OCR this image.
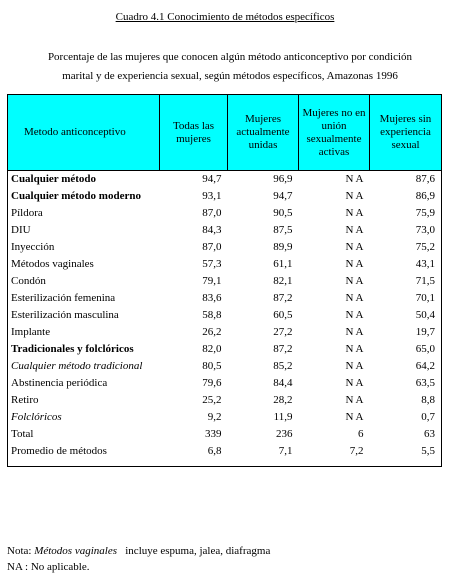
Cuadro 4.1 Conocimiento de métodos específicos
Porcentaje de las mujeres que conocen algún método anticonceptivo por condición
marital y de experiencia sexual, según métodos específicos, Amazonas 1996
Metodo anticonceptivo	Todas las mujeres	Mujeres actualmente unidas	Mujeres no en unión sexualmente activas	Mujeres sin experiencia sexual
Cualquier método	94,7	96,9	N A	87,6
Cualquier método moderno	93,1	94,7	N A	86,9
Píldora	87,0	90,5	N A	75,9
DIU	84,3	87,5	N A	73,0
Inyección	87,0	89,9	N A	75,2
Métodos vaginales	57,3	61,1	N A	43,1
Condón	79,1	82,1	N A	71,5
Esterilización femenina	83,6	87,2	N A	70,1
Esterilización masculina	58,8	60,5	N A	50,4
Implante	26,2	27,2	N A	19,7
Tradicionales y folclóricos	82,0	87,2	N A	65,0
Cualquier método tradicional	80,5	85,2	N A	64,2
Abstinencia periódica	79,6	84,4	N A	63,5
Retiro	25,2	28,2	N A	8,8
Folclóricos	9,2	11,9	N A	0,7
Total	339	236	6	63
Promedio de métodos	6,8	7,1	7,2	5,5
Nota: Métodos vaginales   incluye espuma, jalea, diafragma
NA : No aplicable.
